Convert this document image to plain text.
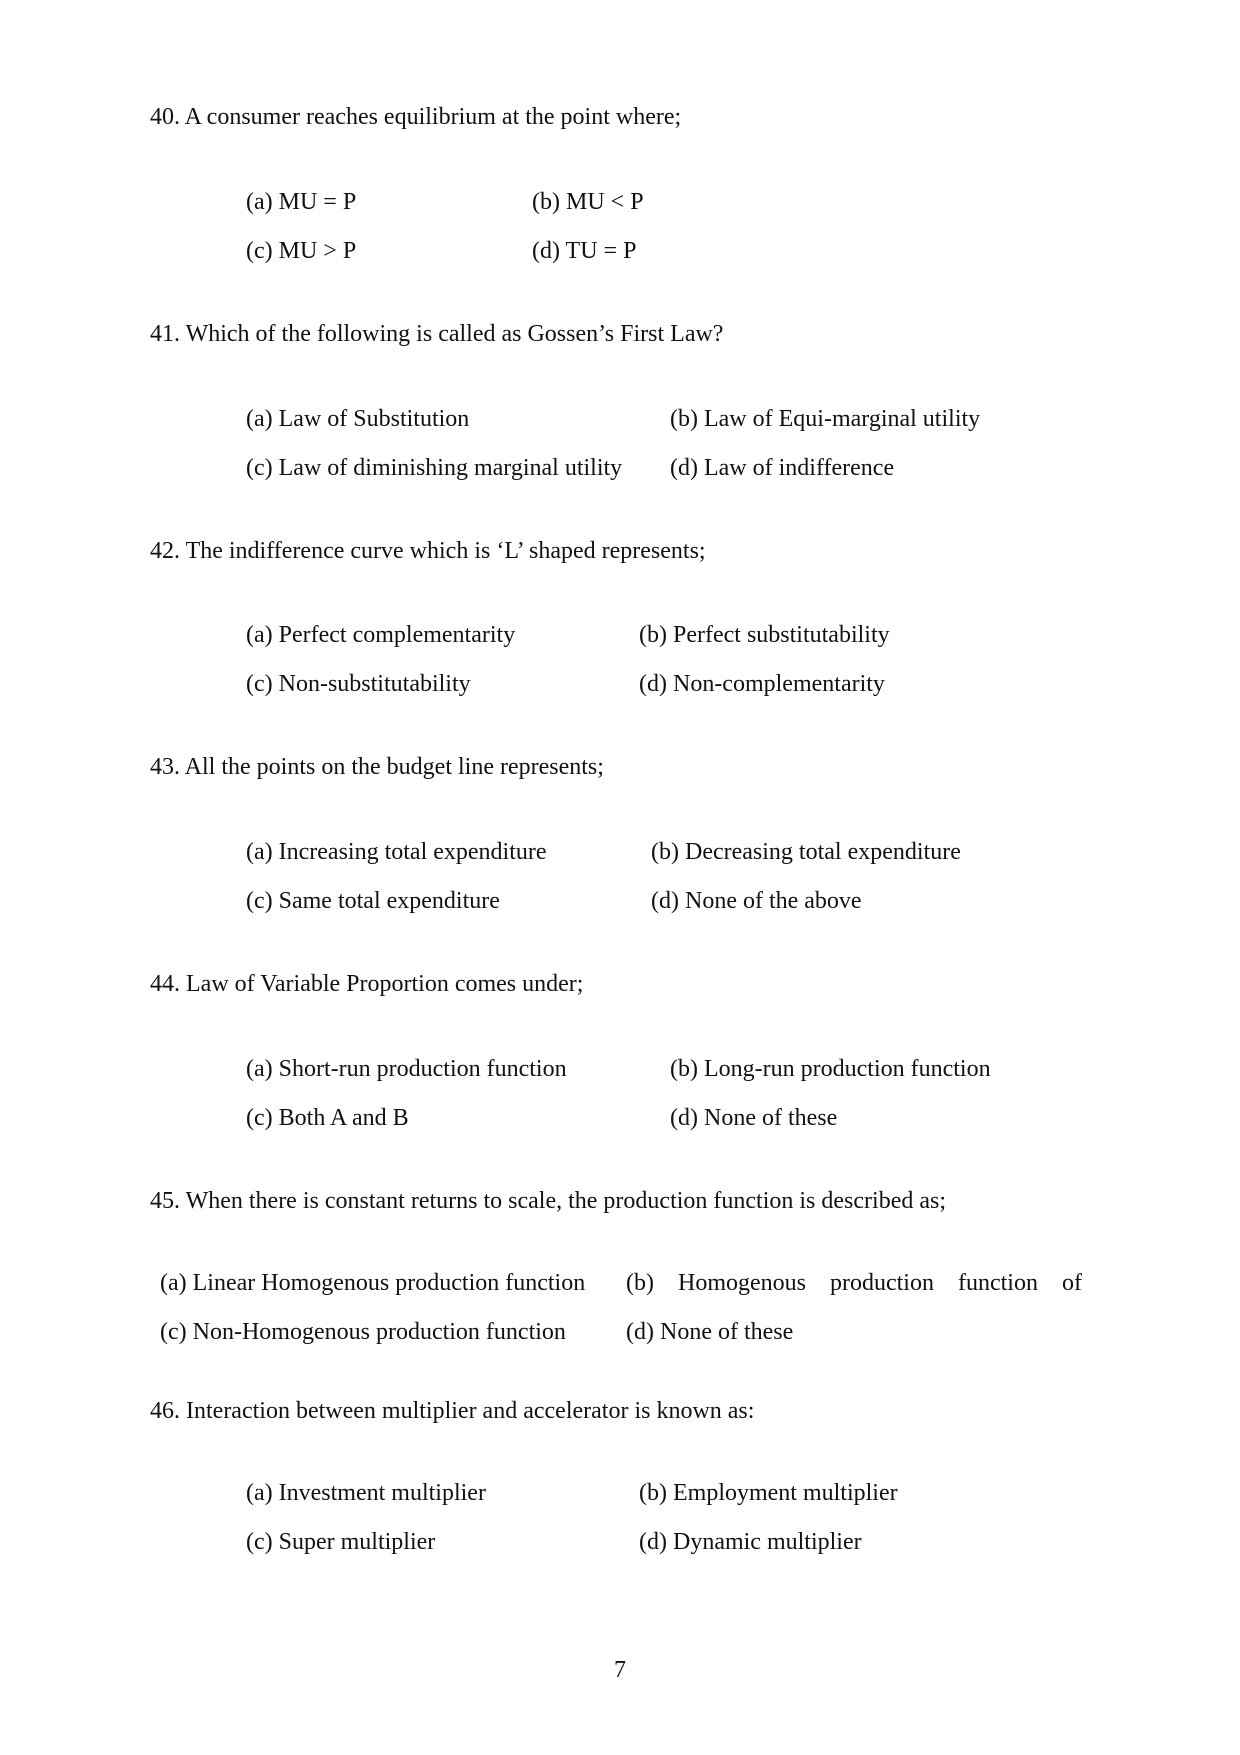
40. A consumer reaches equilibrium at the point where;
(a) MU = P	(b) MU < P
(c) MU > P	(d) TU = P
41. Which of the following is called as Gossen’s First Law?
(a) Law of Substitution	(b) Law of Equi-marginal utility
(c) Law of diminishing marginal utility (d) Law of indifference
42. The indifference curve which is ‘L’ shaped represents;
(a) Perfect complementarity	(b) Perfect substitutability
(c) Non-substitutability	(d) Non-complementarity
43. All the points on the budget line represents;
(a) Increasing total expenditure	(b) Decreasing total expenditure
(c) Same total expenditure	(d) None of the above
44. Law of Variable Proportion comes under;
(a) Short-run production function	(b) Long-run production function
(c) Both A and B	(d) None of these
45. When there is constant returns to scale, the production function is described as;
(a) Linear Homogenous production function (b) Homogenous production function of
(c) Non-Homogenous production function	(d) None of these
46. Interaction between multiplier and accelerator is known as:
(a) Investment multiplier	(b) Employment multiplier
(c) Super multiplier	(d) Dynamic multiplier
7
